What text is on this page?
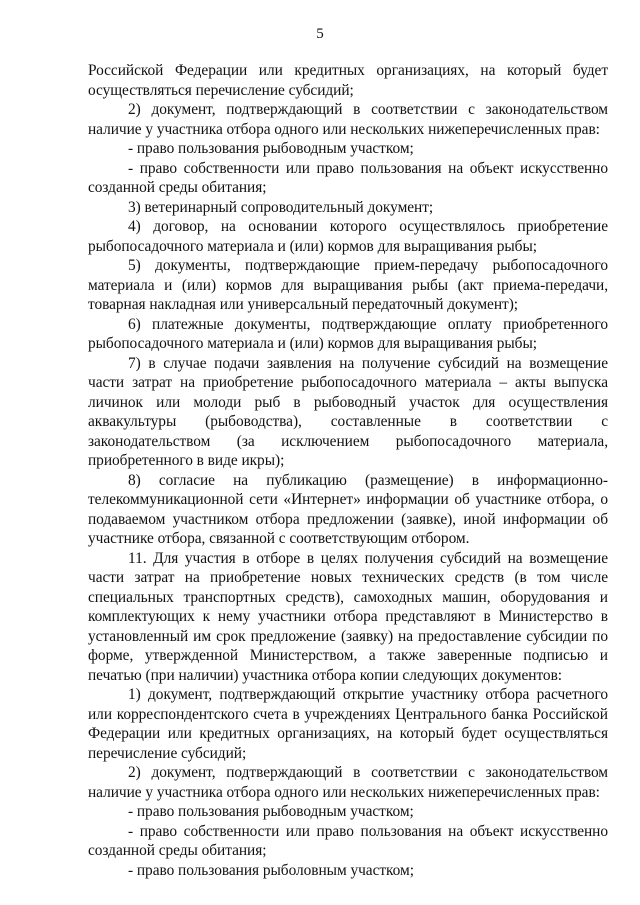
5

Российской Федерации или кредитных организациях, на который будет осуществляться перечисление субсидий;

2) документ, подтверждающий в соответствии с законодательством наличие у участника отбора одного или нескольких нижеперечисленных прав:

- право пользования рыбоводным участком;

- право собственности или право пользования на объект искусственно созданной среды обитания;

3) ветеринарный сопроводительный документ;

4) договор, на основании которого осуществлялось приобретение рыбопосадочного материала и (или) кормов для выращивания рыбы;

5) документы, подтверждающие прием-передачу рыбопосадочного материала и (или) кормов для выращивания рыбы (акт приема-передачи, товарная накладная или универсальный передаточный документ);

6) платежные документы, подтверждающие оплату приобретенного рыбопосадочного материала и (или) кормов для выращивания рыбы;

7) в случае подачи заявления на получение субсидий на возмещение части затрат на приобретение рыбопосадочного материала – акты выпуска личинок или молоди рыб в рыбоводный участок для осуществления аквакультуры (рыбоводства), составленные в соответствии с законодательством (за исключением рыбопосадочного материала, приобретенного в виде икры);

8) согласие на публикацию (размещение) в информационно-телекоммуникационной сети «Интернет» информации об участнике отбора, о подаваемом участником отбора предложении (заявке), иной информации об участнике отбора, связанной с соответствующим отбором.

11. Для участия в отборе в целях получения субсидий на возмещение части затрат на приобретение новых технических средств (в том числе специальных транспортных средств), самоходных машин, оборудования и комплектующих к нему участники отбора представляют в Министерство в установленный им срок предложение (заявку) на предоставление субсидии по форме, утвержденной Министерством, а также заверенные подписью и печатью (при наличии) участника отбора копии следующих документов:

1) документ, подтверждающий открытие участнику отбора расчетного или корреспондентского счета в учреждениях Центрального банка Российской Федерации или кредитных организациях, на который будет осуществляться перечисление субсидий;

2) документ, подтверждающий в соответствии с законодательством наличие у участника отбора одного или нескольких нижеперечисленных прав:

- право пользования рыбоводным участком;

- право собственности или право пользования на объект искусственно созданной среды обитания;

- право пользования рыболовным участком;
